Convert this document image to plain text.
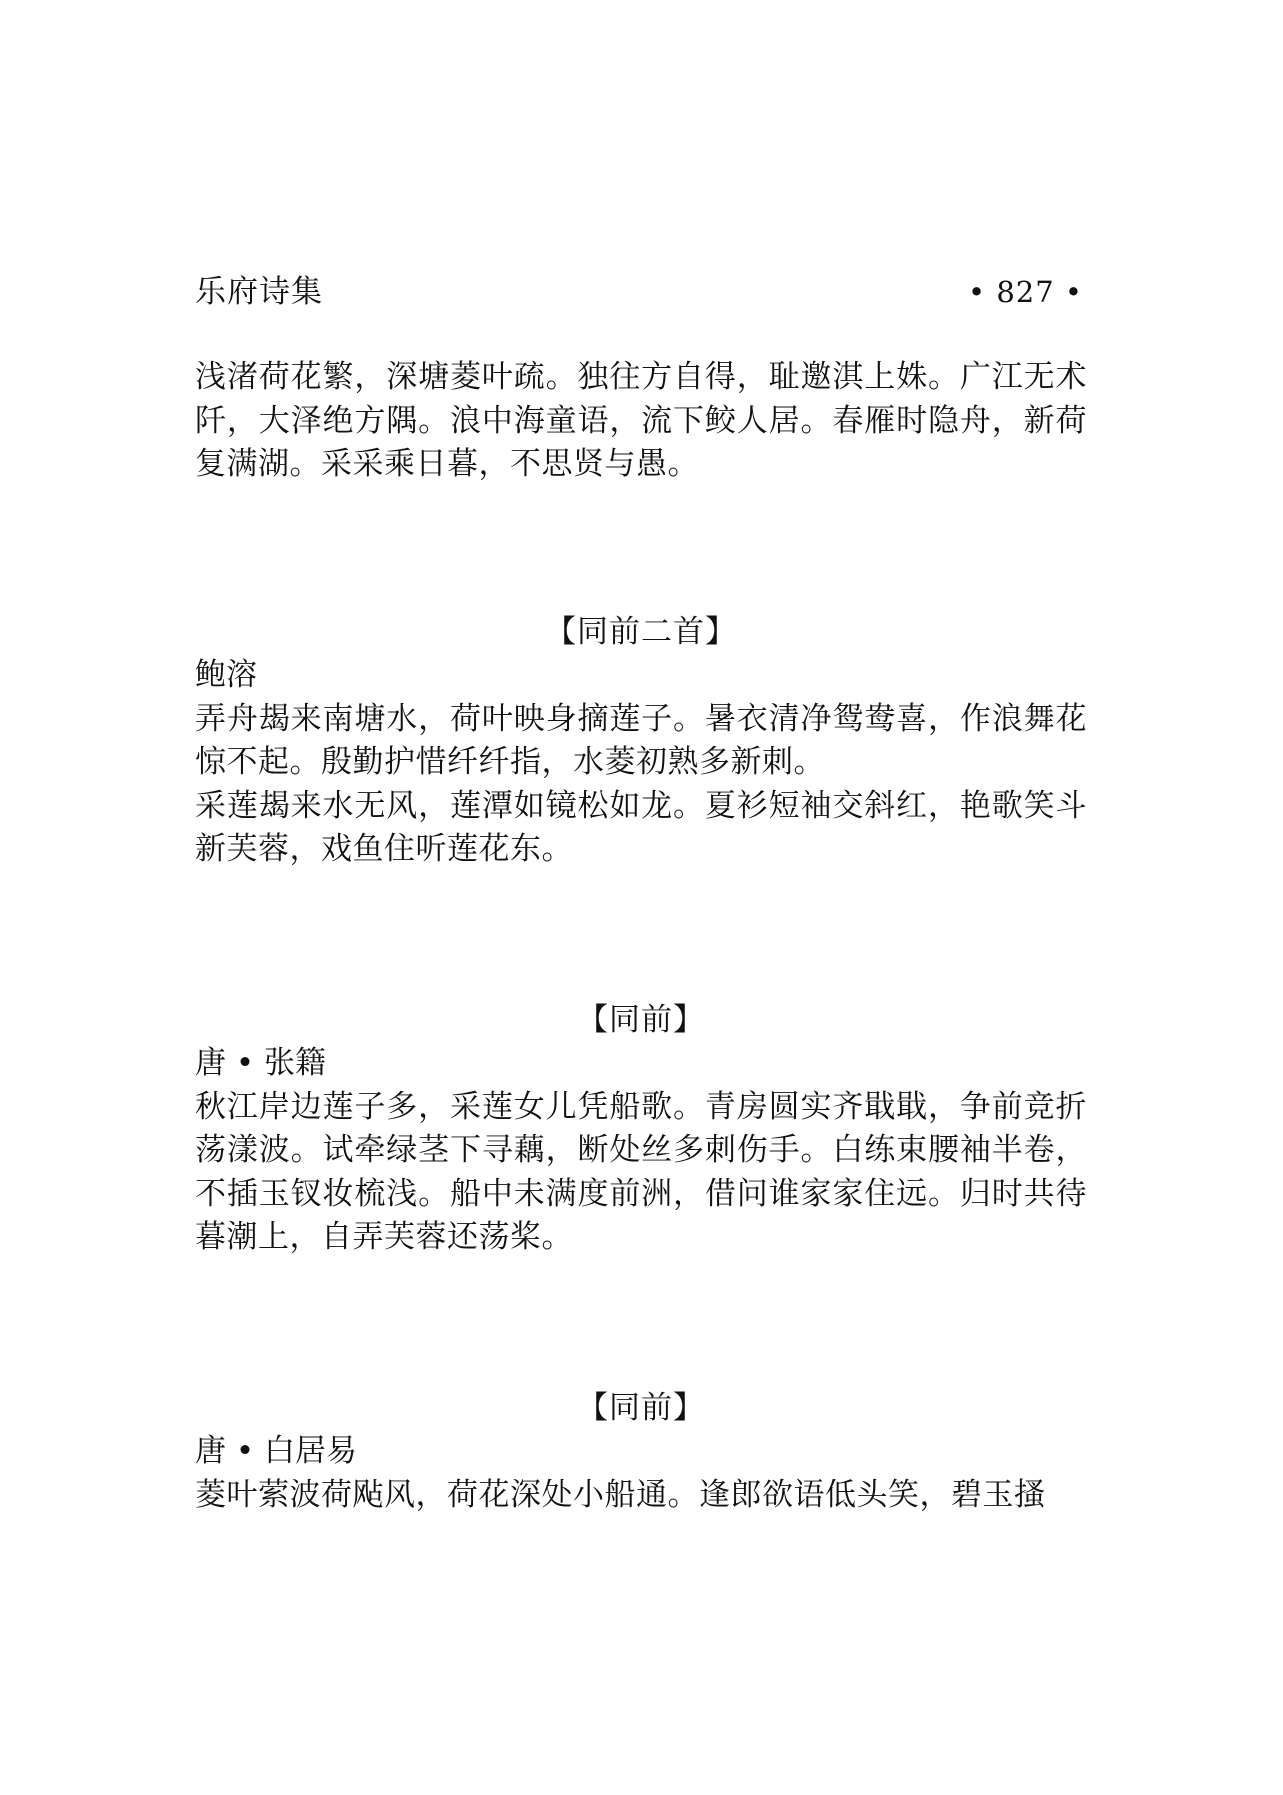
乐府诗集	• 827 •

浅渚荷花繁，深塘菱叶疏。独往方自得，耻邀淇上姝。广江无术阡，大泽绝方隅。浪中海童语，流下鲛人居。春雁时隐舟，新荷复满湖。采采乘日暮，不思贤与愚。

【同前二首】

鲍溶

弄舟朅来南塘水，荷叶映身摘莲子。暑衣清净鸳鸯喜，作浪舞花惊不起。殷勤护惜纤纤指，水菱初熟多新刺。

采莲朅来水无风，莲潭如镜松如龙。夏衫短袖交斜红，艳歌笑斗新芙蓉，戏鱼住听莲花东。

【同前】

唐 • 张籍

秋江岸边莲子多，采莲女儿凭船歌。青房圆实齐戢戢，争前竞折荡漾波。试牵绿茎下寻藕，断处丝多刺伤手。白练束腰袖半卷，不插玉钗妆梳浅。船中未满度前洲，借问谁家家住远。归时共待暮潮上，自弄芙蓉还荡桨。

【同前】

唐 • 白居易

菱叶萦波荷飐风，荷花深处小船通。逢郎欲语低头笑，碧玉搔
